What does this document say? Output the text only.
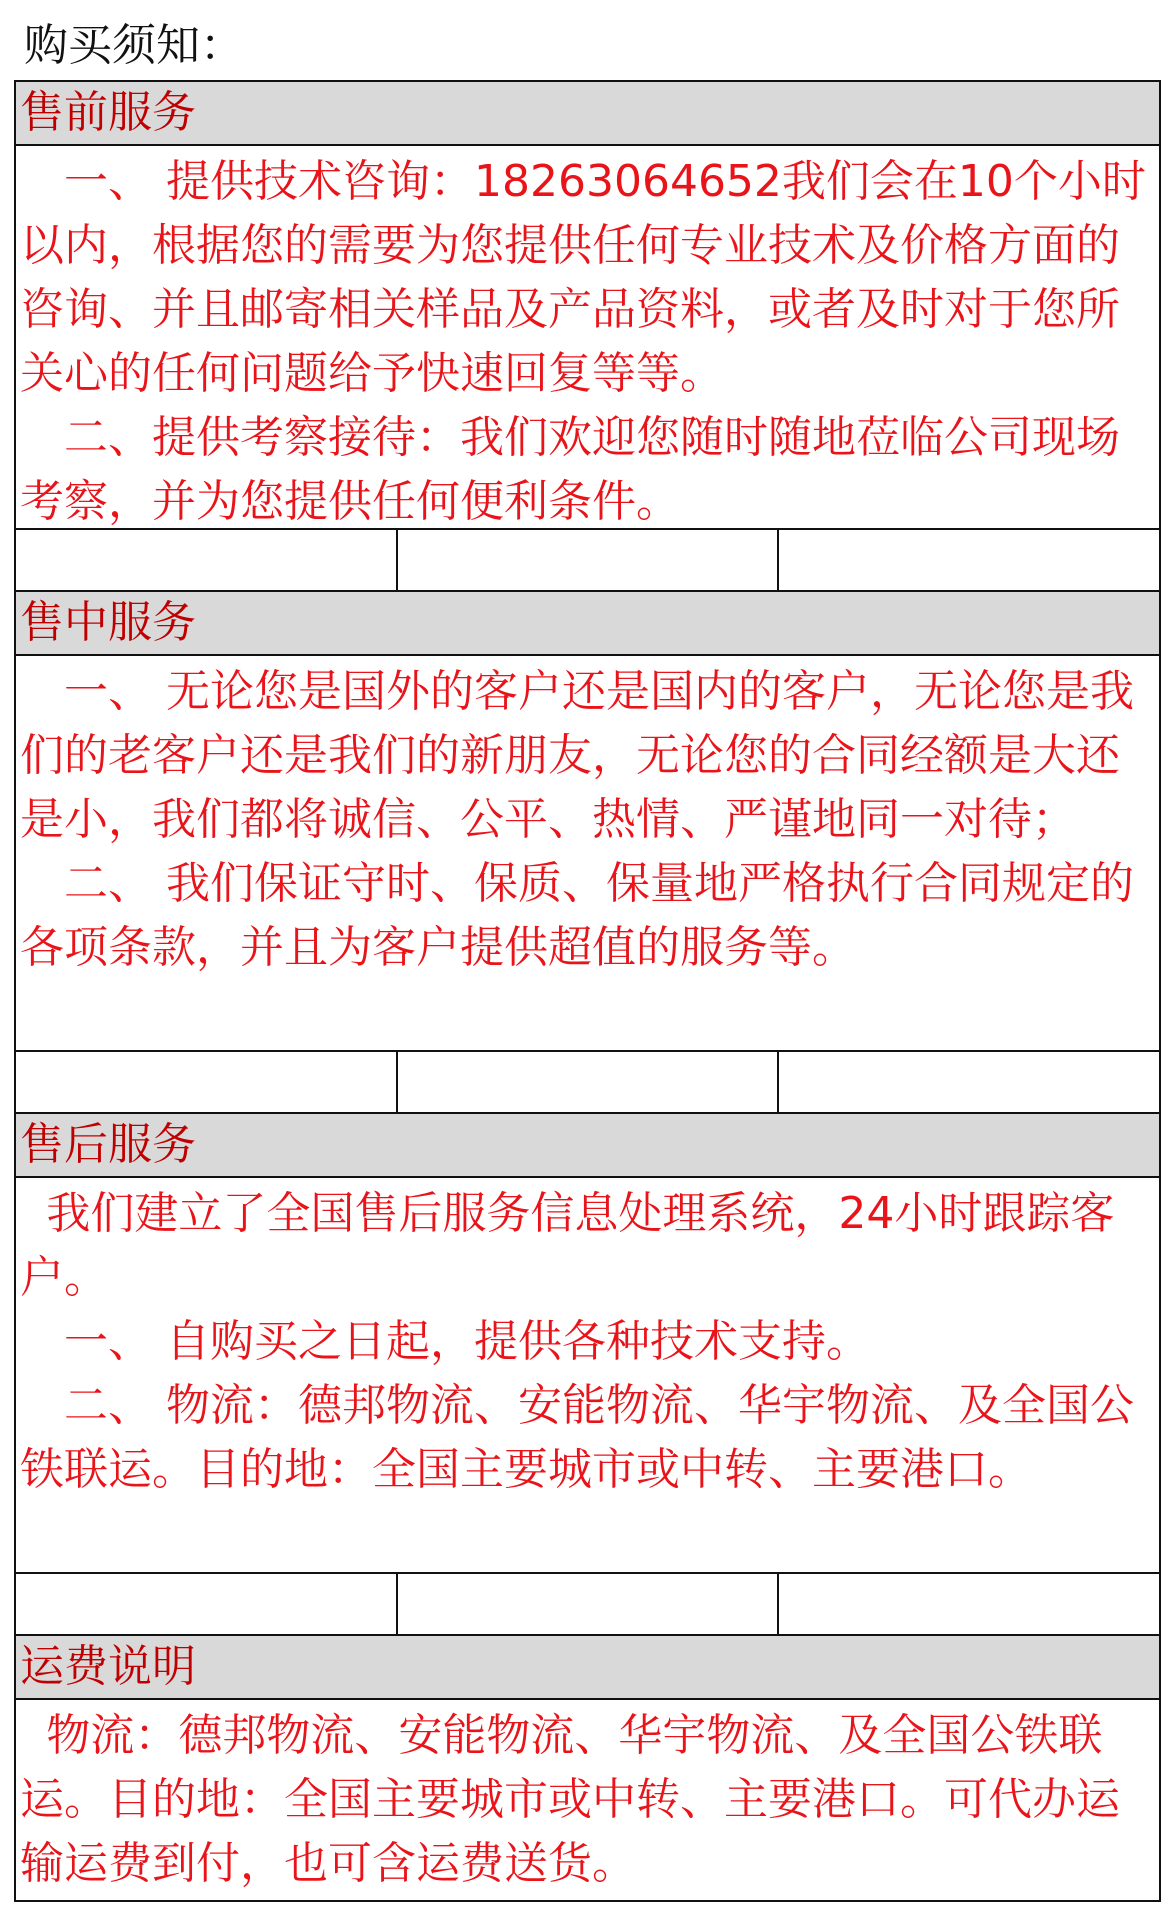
购买须知：
售前服务

一、 提供技术咨询：18263064652我们会在10个小时以内，根据您的需要为您提供任何专业技术及价格方面的咨询、并且邮寄相关样品及产品资料，或者及时对于您所关心的任何问题给予快速回复等等。

二、提供考察接待：我们欢迎您随时随地莅临公司现场考察，并为您提供任何便利条件。

售中服务

一、 无论您是国外的客户还是国内的客户，无论您是我们的老客户还是我们的新朋友，无论您的合同经额是大还是小，我们都将诚信、公平、热情、严谨地同一对待；

二、 我们保证守时、保质、保量地严格执行合同规定的各项条款，并且为客户提供超值的服务等。

售后服务

我们建立了全国售后服务信息处理系统，24小时跟踪客户。

一、 自购买之日起，提供各种技术支持。

二、 物流：德邦物流、安能物流、华宇物流、及全国公铁联运。目的地：全国主要城市或中转、主要港口。

运费说明

物流：德邦物流、安能物流、华宇物流、及全国公铁联运。目的地：全国主要城市或中转、主要港口。可代办运输运费到付，也可含运费送货。
